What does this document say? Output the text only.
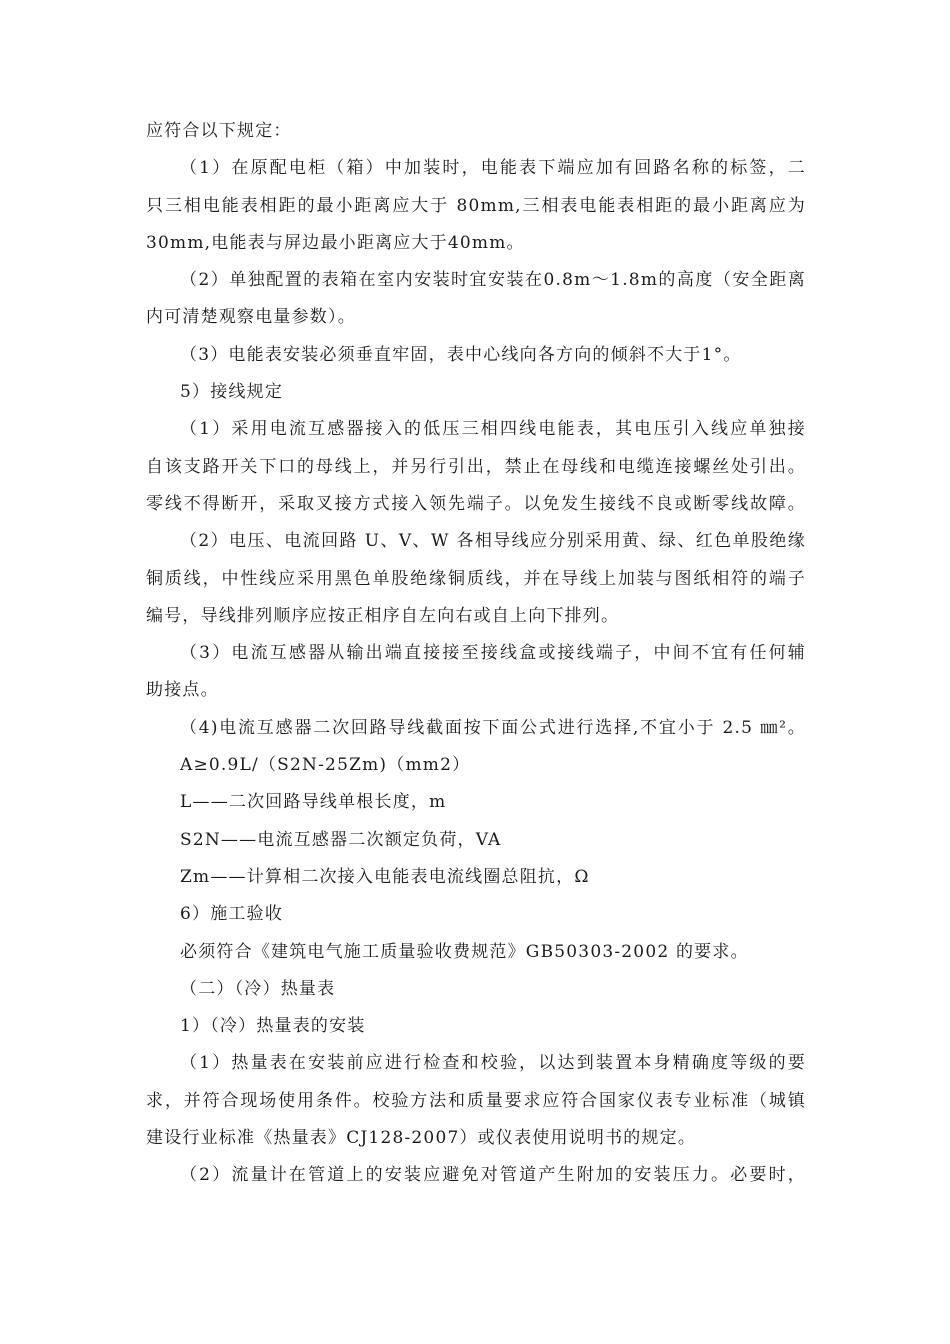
应符合以下规定：
（1）在原配电柜（箱）中加装时，电能表下端应加有回路名称的标签，二
只三相电能表相距的最小距离应大于 80mm,三相表电能表相距的最小距离应为
30mm,电能表与屏边最小距离应大于40mm。
（2）单独配置的表箱在室内安装时宜安装在0.8m～1.8m的高度（安全距离
内可清楚观察电量参数）。
（3）电能表安装必须垂直牢固，表中心线向各方向的倾斜不大于1°。
5）接线规定
（1）采用电流互感器接入的低压三相四线电能表，其电压引入线应单独接
自该支路开关下口的母线上，并另行引出，禁止在母线和电缆连接螺丝处引出。
零线不得断开，采取叉接方式接入领先端子。以免发生接线不良或断零线故障。
（2）电压、电流回路 U、V、W 各相导线应分别采用黄、绿、红色单股绝缘
铜质线，中性线应采用黑色单股绝缘铜质线，并在导线上加装与图纸相符的端子
编号，导线排列顺序应按正相序自左向右或自上向下排列。
（3）电流互感器从输出端直接接至接线盒或接线端子，中间不宜有任何辅
助接点。
（4)电流互感器二次回路导线截面按下面公式进行选择,不宜小于 2.5 ㎜²。
A≥0.9L/（S2N-25Zm)（mm2）
L——二次回路导线单根长度，m
S2N——电流互感器二次额定负荷，VA
Zm——计算相二次接入电能表电流线圈总阻抗，Ω
6）施工验收
必须符合《建筑电气施工质量验收费规范》GB50303-2002 的要求。
（二）（冷）热量表
1）（冷）热量表的安装
（1）热量表在安装前应进行检查和校验，以达到装置本身精确度等级的要
求，并符合现场使用条件。校验方法和质量要求应符合国家仪表专业标准（城镇
建设行业标准《热量表》CJ128-2007）或仪表使用说明书的规定。
（2）流量计在管道上的安装应避免对管道产生附加的安装压力。必要时，
